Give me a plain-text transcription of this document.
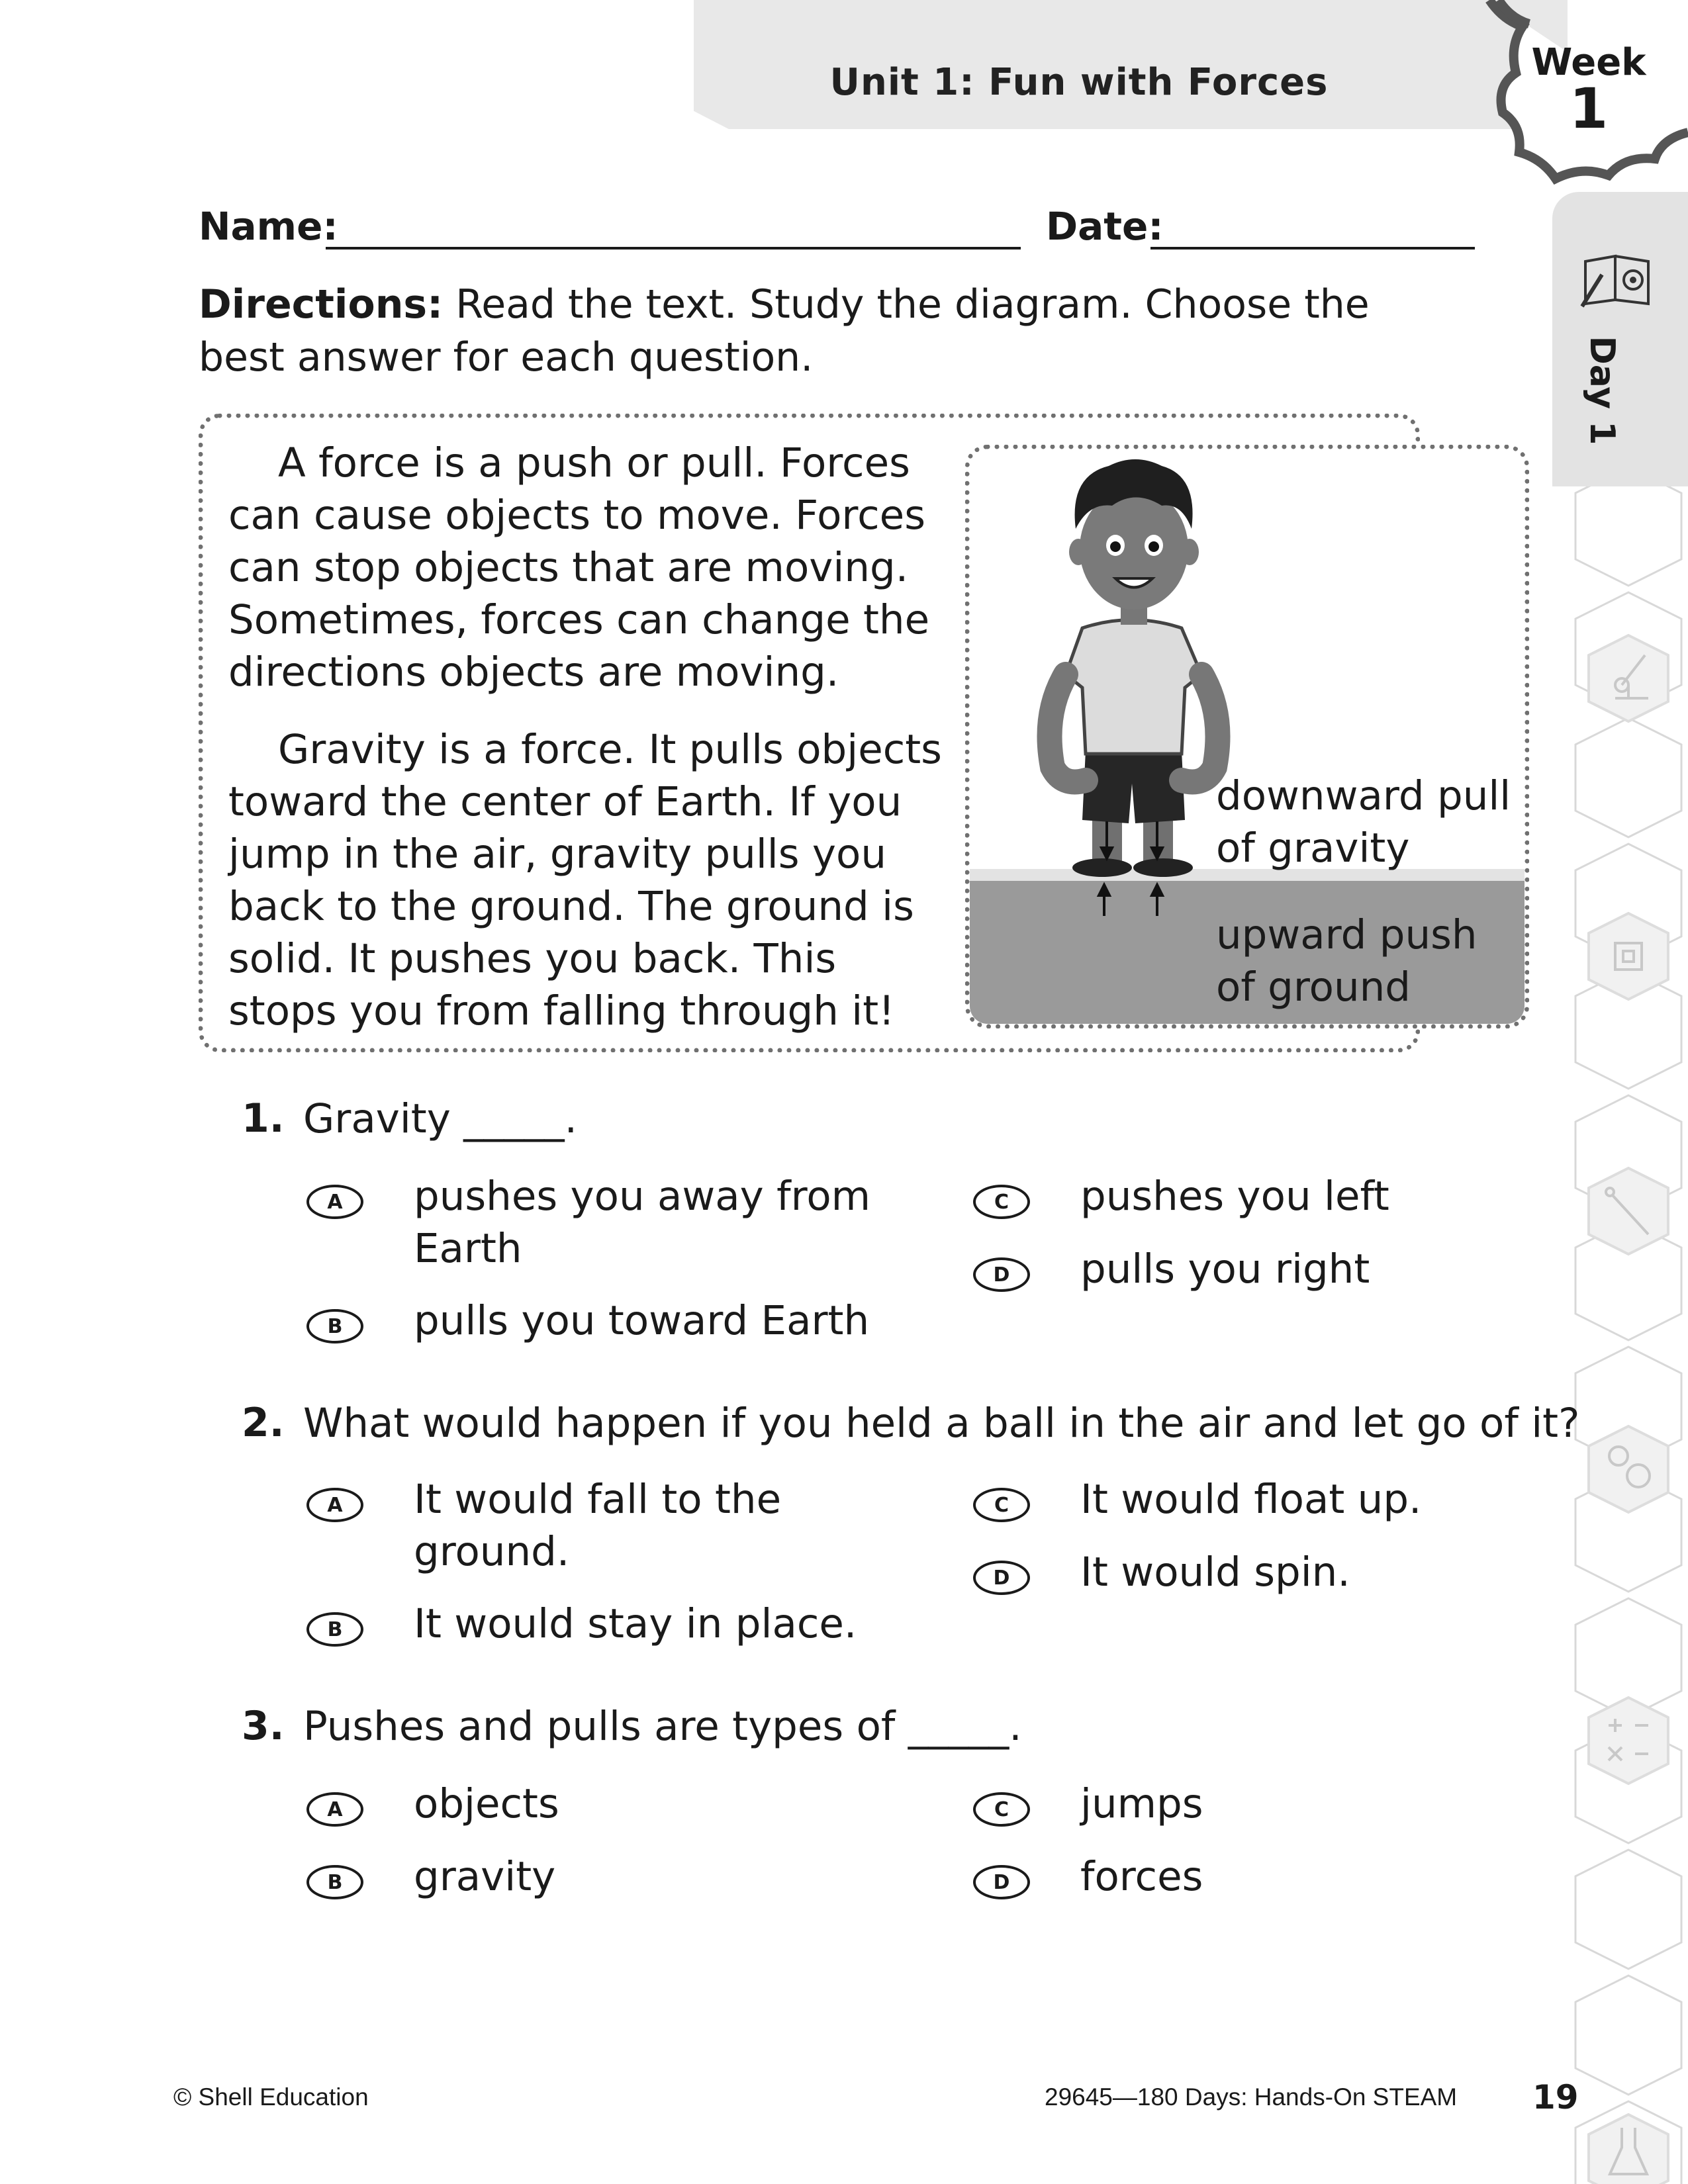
Unit 1: Fun with Forces	Week
1
Day 1
Name:	Date:
Directions: Read the text. Study the diagram. Choose the best answer for each question.

A force is a push or pull. Forces can cause objects to move. Forces can stop objects that are moving. Sometimes, forces can change the directions objects are moving.

Gravity is a force. It pulls objects toward the center of Earth. If you jump in the air, gravity pulls you back to the ground. The ground is solid. It pushes you back. This stops you from falling through it!

downward pull of gravity
upward push of ground
1. Gravity _____.
A pushes you away from Earth
B pulls you toward Earth
C pushes you left
D pulls you right
2. What would happen if you held a ball in the air and let go of it?
A It would fall to the ground.
B It would stay in place.
C It would float up.
D It would spin.
3. Pushes and pulls are types of _____.
A objects
B gravity
C jumps
D forces
© Shell Education	29645—180 Days: Hands-On STEAM 19
